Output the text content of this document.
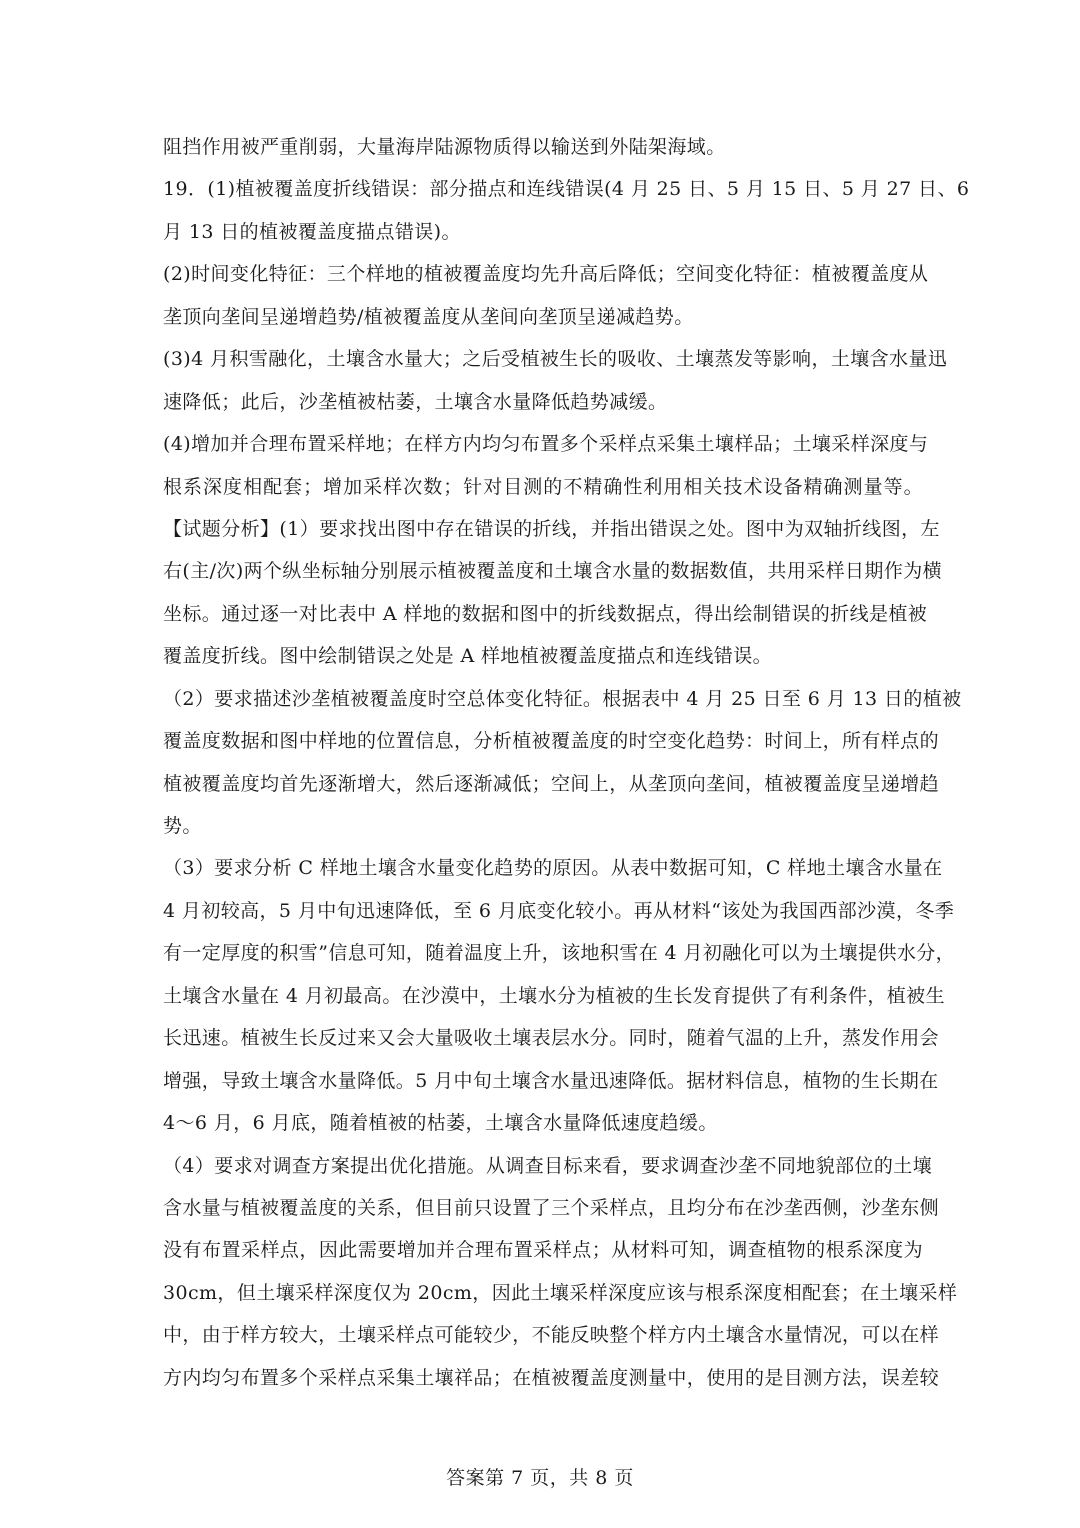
阻挡作用被严重削弱，大量海岸陆源物质得以输送到外陆架海域。
19．(1)植被覆盖度折线错误：部分描点和连线错误(4 月 25 日、5 月 15 日、5 月 27 日、6
月 13 日的植被覆盖度描点错误)。
(2)时间变化特征：三个样地的植被覆盖度均先升高后降低；空间变化特征：植被覆盖度从
垄顶向垄间呈递增趋势/植被覆盖度从垄间向垄顶呈递减趋势。
(3)4 月积雪融化，土壤含水量大；之后受植被生长的吸收、土壤蒸发等影响，土壤含水量迅
速降低；此后，沙垄植被枯萎，土壤含水量降低趋势减缓。
(4)增加并合理布置采样地；在样方内均匀布置多个采样点采集土壤样品；土壤采样深度与
根系深度相配套；增加采样次数；针对目测的不精确性利用相关技术设备精确测量等。
【试题分析】(1）要求找出图中存在错误的折线，并指出错误之处。图中为双轴折线图，左
右(主/次)两个纵坐标轴分别展示植被覆盖度和土壤含水量的数据数值，共用采样日期作为横
坐标。通过逐一对比表中 A 样地的数据和图中的折线数据点，得出绘制错误的折线是植被
覆盖度折线。图中绘制错误之处是 A 样地植被覆盖度描点和连线错误。
（2）要求描述沙垄植被覆盖度时空总体变化特征。根据表中 4 月 25 日至 6 月 13 日的植被
覆盖度数据和图中样地的位置信息，分析植被覆盖度的时空变化趋势：时间上，所有样点的
植被覆盖度均首先逐渐增大，然后逐渐减低；空间上，从垄顶向垄间，植被覆盖度呈递增趋
势。
（3）要求分析 C 样地土壤含水量变化趋势的原因。从表中数据可知，C 样地土壤含水量在
4 月初较高，5 月中旬迅速降低，至 6 月底变化较小。再从材料“该处为我国西部沙漠，冬季
有一定厚度的积雪”信息可知，随着温度上升，该地积雪在 4 月初融化可以为土壤提供水分，
土壤含水量在 4 月初最高。在沙漠中，土壤水分为植被的生长发育提供了有利条件，植被生
长迅速。植被生长反过来又会大量吸收土壤表层水分。同时，随着气温的上升，蒸发作用会
增强，导致土壤含水量降低。5 月中旬土壤含水量迅速降低。据材料信息，植物的生长期在
4～6 月，6 月底，随着植被的枯萎，土壤含水量降低速度趋缓。
（4）要求对调查方案提出优化措施。从调查目标来看，要求调查沙垄不同地貌部位的土壤
含水量与植被覆盖度的关系，但目前只设置了三个采样点，且均分布在沙垄西侧，沙垄东侧
没有布置采样点，因此需要增加并合理布置采样点；从材料可知，调查植物的根系深度为
30cm，但土壤采样深度仅为 20cm，因此土壤采样深度应该与根系深度相配套；在土壤采样
中，由于样方较大，土壤采样点可能较少，不能反映整个样方内土壤含水量情况，可以在样
方内均匀布置多个采样点采集土壤祥品；在植被覆盖度测量中，使用的是目测方法，误差较
答案第 7 页，共 8 页
